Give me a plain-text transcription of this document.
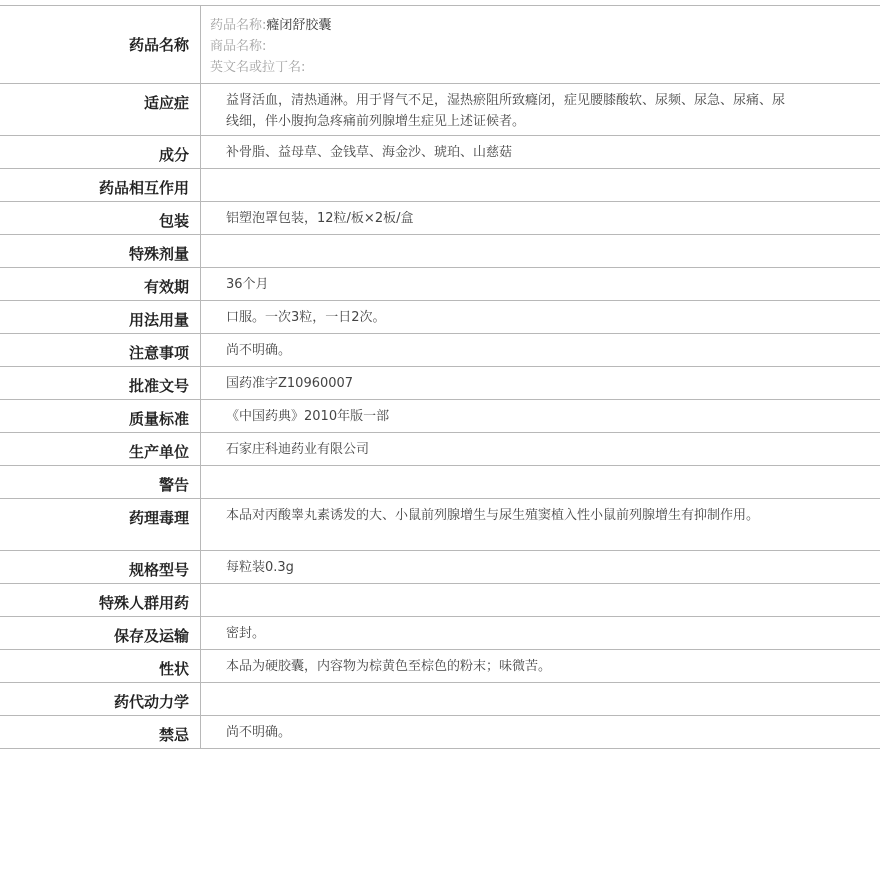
药品名称	药品名称:癃闭舒胶囊
商品名称:
英文名或拉丁名:

适应症	益肾活血，清热通淋。用于肾气不足，湿热瘀阻所致癃闭，症见腰膝酸软、尿频、尿急、尿痛、尿线细，伴小腹拘急疼痛前列腺增生症见上述证候者。

成分	补骨脂、益母草、金钱草、海金沙、琥珀、山慈菇

药品相互作用	

包装	铝塑泡罩包装，12粒/板×2板/盒

特殊剂量	

有效期	36个月

用法用量	口服。一次3粒，一日2次。

注意事项	尚不明确。

批准文号	国药准字Z10960007

质量标准	《中国药典》2010年版一部

生产单位	石家庄科迪药业有限公司

警告	

药理毒理	本品对丙酸睾丸素诱发的大、小鼠前列腺增生与尿生殖窦植入性小鼠前列腺增生有抑制作用。

规格型号	每粒装0.3g

特殊人群用药	

保存及运输	密封。

性状	本品为硬胶囊，内容物为棕黄色至棕色的粉末；味微苦。

药代动力学	

禁忌	尚不明确。
